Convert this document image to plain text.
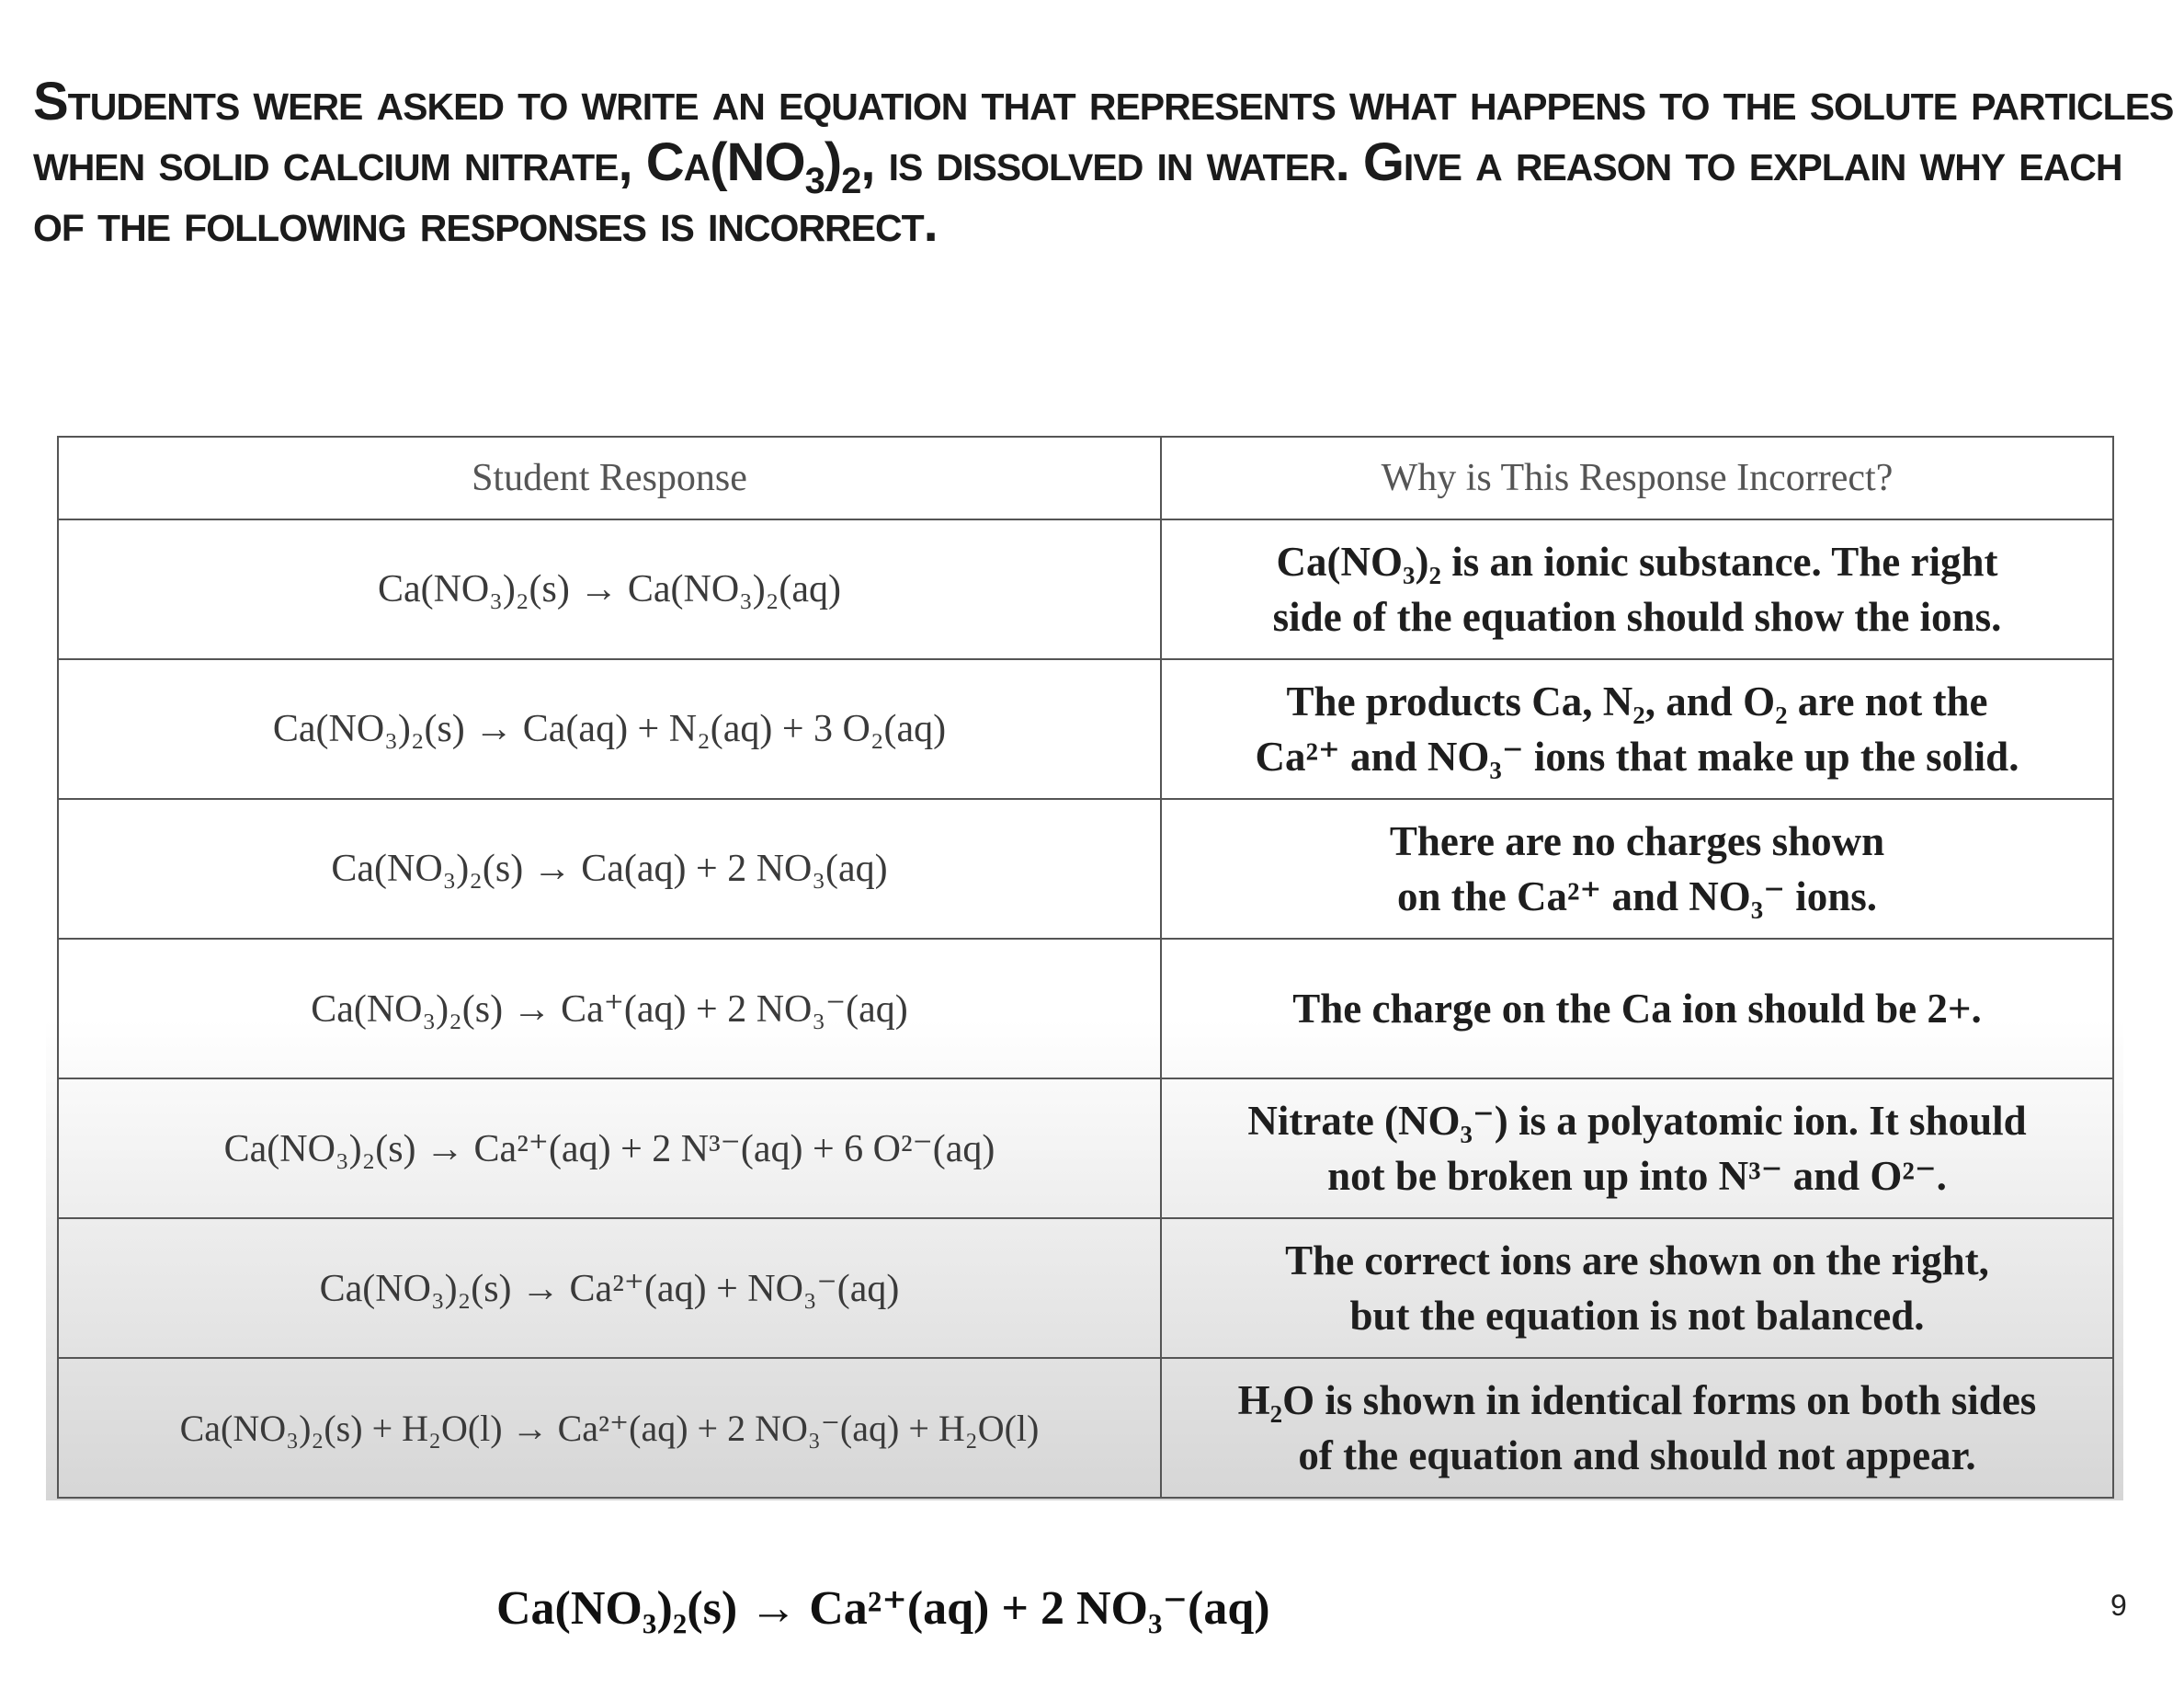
Students were asked to write an equation that represents what happens to the solute particles
when solid calcium nitrate, $Ca(NO_3)_2$, is dissolved in water. Give a reason to explain why each
of the following responses is incorrect.
Student Response	Why is This Response Incorrect?
Ca(NO₃)₂(s) → Ca(NO₃)₂(aq)	Ca(NO₃)₂ is an ionic substance. The right
side of the equation should show the ions.
Ca(NO₃)₂(s) → Ca(aq) + N₂(aq) + 3 O₂(aq)	The products Ca, N₂, and O₂ are not the
Ca²⁺ and NO₃⁻ ions that make up the solid.
Ca(NO₃)₂(s) → Ca(aq) + 2 NO₃(aq)	There are no charges shown
on the Ca²⁺ and NO₃⁻ ions.
Ca(NO₃)₂(s) → Ca⁺(aq) + 2 NO₃⁻(aq)	The charge on the Ca ion should be 2+.
Ca(NO₃)₂(s) → Ca²⁺(aq) + 2 N³⁻(aq) + 6 O²⁻(aq)	Nitrate (NO₃⁻) is a polyatomic ion. It should
not be broken up into N³⁻ and O²⁻.
Ca(NO₃)₂(s) → Ca²⁺(aq) + NO₃⁻(aq)	The correct ions are shown on the right,
but the equation is not balanced.
Ca(NO₃)₂(s) + H₂O(l) → Ca²⁺(aq) + 2 NO₃⁻(aq) + H₂O(l)	H₂O is shown in identical forms on both sides
of the equation and should not appear.
Ca(NO₃)₂(s) → Ca²⁺(aq) + 2 NO₃⁻(aq)	9
